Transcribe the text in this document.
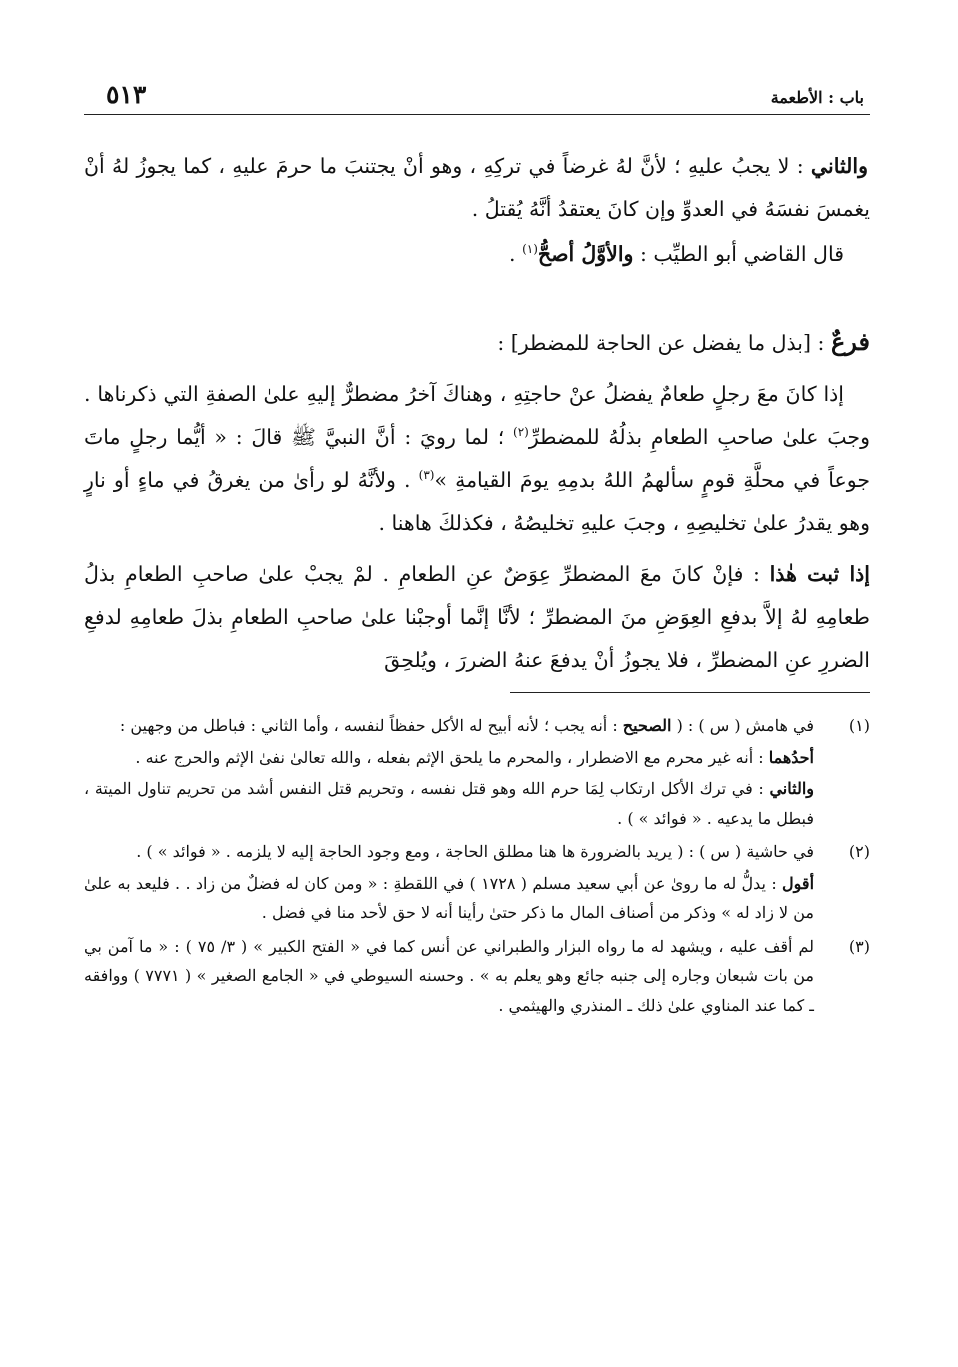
باب : الأطعمة
٥١٣

والثاني : لا يجبُ عليهِ ؛ لأنَّ لهُ غرضاً في تركِهِ ، وهو أنْ يجتنبَ ما حرمَ عليهِ ، كما يجوزُ لهُ أنْ يغمسَ نفسَهُ في العدوِّ وإن كانَ يعتقدُ أنَّهُ يُقتلُ .

قال القاضي أبو الطيِّب : والأوَّلُ أصحُّ$^{(١)}$ .

فرعٌ : [بذل ما يفضل عن الحاجة للمضطر] :

إذا كانَ معَ رجلٍ طعامٌ يفضلُ عنْ حاجتِهِ ، وهناكَ آخرُ مضطرٌّ إليهِ علىٰ الصفةِ التي ذكرناها . وجبَ علىٰ صاحبِ الطعامِ بذلُهُ للمضطرِّ$^{(٢)}$ ؛ لما رويَ : أنَّ النبيَّ ﷺ قالَ : « أيُّما رجلٍ ماتَ جوعاً في محلَّةِ قومٍ سألهمُ اللهُ بدمِهِ يومَ القيامةِ »$^{(٣)}$ . ولأنَّهُ لو رأىٰ من يغرقُ في ماءٍ أو نارٍ وهو يقدرُ علىٰ تخليصِهِ ، وجبَ عليهِ تخليصُهُ ، فكذلكَ هاهنا .

إذا ثبت هٰذا : فإنْ كانَ معَ المضطرِّ عِوَضٌ عنِ الطعامِ . لمْ يجبْ علىٰ صاحبِ الطعامِ بذلُ طعامِهِ لهُ إلاَّ بدفعِ العِوَضِ منَ المضطرِّ ؛ لأنَّا إنَّما أوجبْنا علىٰ صاحبِ الطعامِ بذلَ طعامِهِ لدفعِ الضررِ عنِ المضطرِّ ، فلا يجوزُ أنْ يدفعَ عنهُ الضررَ ، ويُلحِقَ

(١)

في هامش ( س ) : ( الصحيح : أنه يجب ؛ لأنه أبيح له الأكل حفظاً لنفسه ، وأما الثاني : فباطل من وجهين :

أحدُهما : أنه غير محرم مع الاضطرار ، والمحرم ما يلحق الإثم بفعله ، والله تعالىٰ نفىٰ الإثم والحرج عنه .

والثاني : في ترك الأكل ارتكاب لِمَا حرم الله وهو قتل نفسه ، وتحريم قتل النفس أشد من تحريم تناول الميتة ، فبطل ما يدعيه . « فوائد » ) .

(٢)

في حاشية ( س ) : ( يريد بالضرورة ها هنا مطلق الحاجة ، ومع وجود الحاجة إليه لا يلزمه . « فوائد » ) .

أقول : يدلُّ له ما رویٰ عن أبي سعيد مسلم ( ١٧٢٨ ) في اللقطةِ : « ومن كان له فضلٌ من زاد . . فليعد به علىٰ من لا زاد له » وذكر من أصناف المال ما ذكر حتىٰ رأينا أنه لا حق لأحد منا في فضل .

(٣)

لم أقف عليه ، ويشهد له ما رواه البزار والطبراني عن أنس كما في « الفتح الكبير » ( ٣/ ٧٥ ) : « ما آمن بي من بات شبعان وجاره إلى جنبه جائع وهو يعلم به » . وحسنه السيوطي في « الجامع الصغير » ( ٧٧٧١ ) ووافقه ـ كما عند المناوي علىٰ ذلك ـ المنذري والهيثمي .
